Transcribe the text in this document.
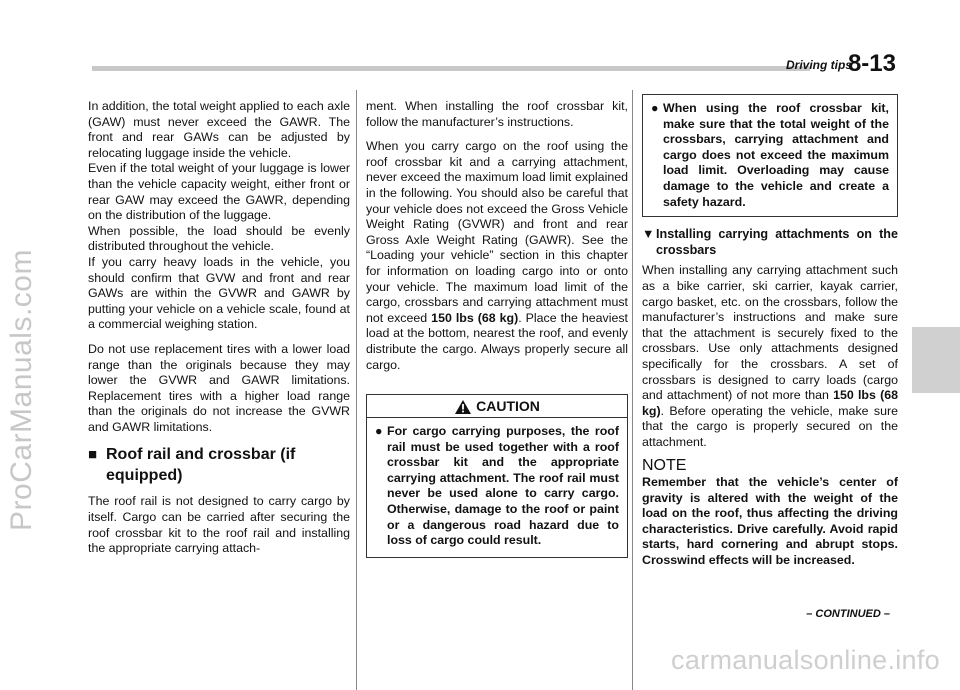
ProCarManuals.com
carmanualsonline.info
Driving tips
8-13

In addition, the total weight applied to each axle (GAW) must never exceed the GAWR. The front and rear GAWs can be adjusted by relocating luggage inside the vehicle.

Even if the total weight of your luggage is lower than the vehicle capacity weight, either front or rear GAW may exceed the GAWR, depending on the distribution of the luggage.

When possible, the load should be evenly distributed throughout the vehicle.

If you carry heavy loads in the vehicle, you should confirm that GVW and front and rear GAWs are within the GVWR and GAWR by putting your vehicle on a vehicle scale, found at a commercial weighing station.

Do not use replacement tires with a lower load range than the originals because they may lower the GVWR and GAWR limitations. Replacement tires with a higher load range than the originals do not increase the GVWR and GAWR limitations.

■ Roof rail and crossbar (if equipped)

The roof rail is not designed to carry cargo by itself. Cargo can be carried after securing the roof crossbar kit to the roof rail and installing the appropriate carrying attach-

ment. When installing the roof crossbar kit, follow the manufacturer’s instructions.

When you carry cargo on the roof using the roof crossbar kit and a carrying attachment, never exceed the maximum load limit explained in the following. You should also be careful that your vehicle does not exceed the Gross Vehicle Weight Rating (GVWR) and front and rear Gross Axle Weight Rating (GAWR). See the “Loading your vehicle” section in this chapter for information on loading cargo into or onto your vehicle. The maximum load limit of the cargo, crossbars and carrying attachment must not exceed 150 lbs (68 kg). Place the heaviest load at the bottom, nearest the roof, and evenly distribute the cargo. Always properly secure all cargo.

CAUTION
● For cargo carrying purposes, the roof rail must be used together with a roof crossbar kit and the appropriate carrying attachment. The roof rail must never be used alone to carry cargo. Otherwise, damage to the roof or paint or a dangerous road hazard due to loss of cargo could result.
● When using the roof crossbar kit, make sure that the total weight of the crossbars, carrying attachment and cargo does not exceed the maximum load limit. Overloading may cause damage to the vehicle and create a safety hazard.
▼ Installing carrying attachments on the crossbars

When installing any carrying attachment such as a bike carrier, ski carrier, kayak carrier, cargo basket, etc. on the crossbars, follow the manufacturer’s instructions and make sure that the attachment is securely fixed to the crossbars. Use only attachments designed specifically for the crossbars. A set of crossbars is designed to carry loads (cargo and attachment) of not more than 150 lbs (68 kg). Before operating the vehicle, make sure that the cargo is properly secured on the attachment.

NOTE

Remember that the vehicle’s center of gravity is altered with the weight of the load on the roof, thus affecting the driving characteristics. Drive carefully. Avoid rapid starts, hard cornering and abrupt stops. Crosswind effects will be increased.

– CONTINUED –
